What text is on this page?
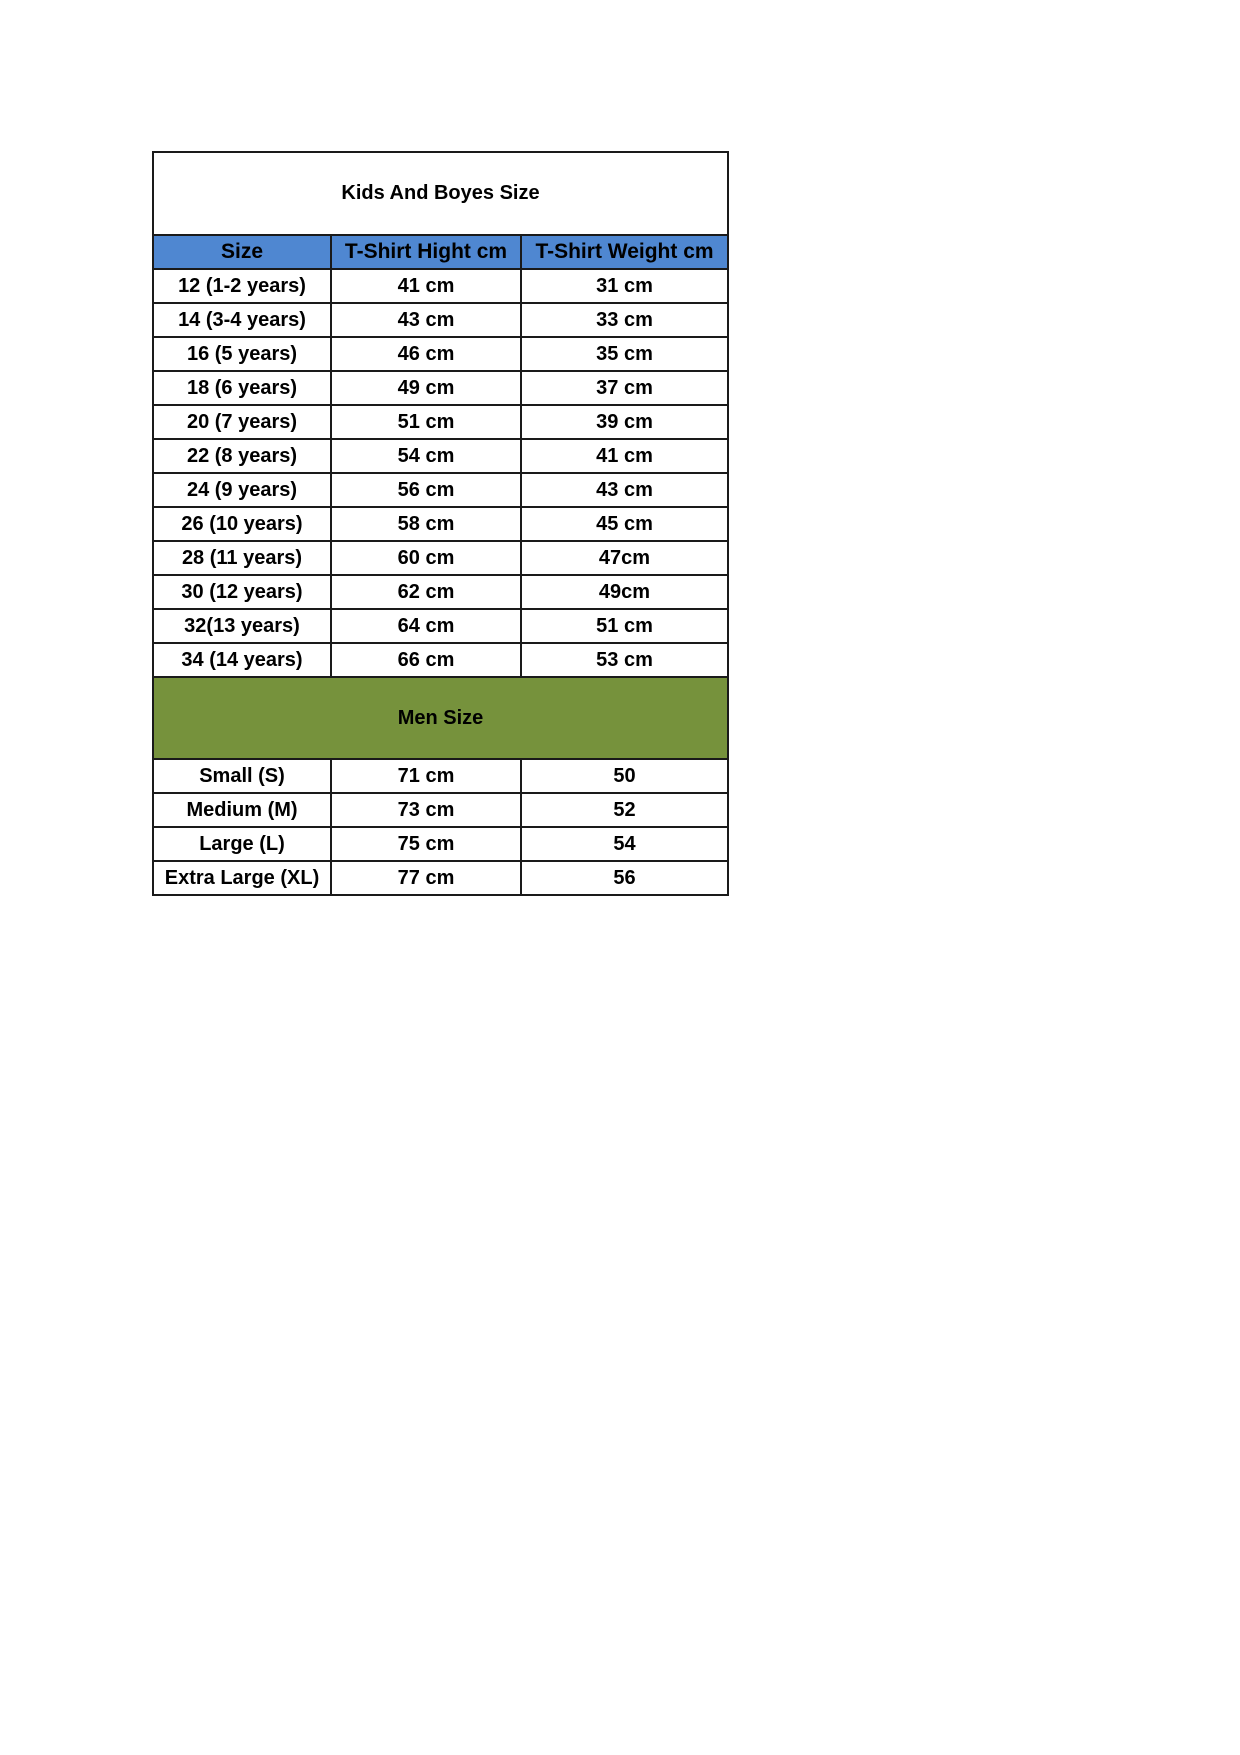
Kids And Boyes Size		
Size	T-Shirt Hight cm	T-Shirt Weight cm
12 (1-2 years)	41 cm	31 cm
14 (3-4 years)	43 cm	33 cm
16 (5 years)	46 cm	35 cm
18 (6 years)	49 cm	37 cm
20 (7 years)	51 cm	39 cm
22 (8 years)	54 cm	41 cm
24 (9 years)	56 cm	43 cm
26 (10 years)	58 cm	45 cm
28 (11 years)	60 cm	47cm
30 (12 years)	62 cm	49cm
32(13 years)	64 cm	51 cm
34 (14 years)	66 cm	53 cm
Men Size		
Small (S)	71 cm	50
Medium (M)	73 cm	52
Large (L)	75 cm	54
Extra Large (XL)	77 cm	56
